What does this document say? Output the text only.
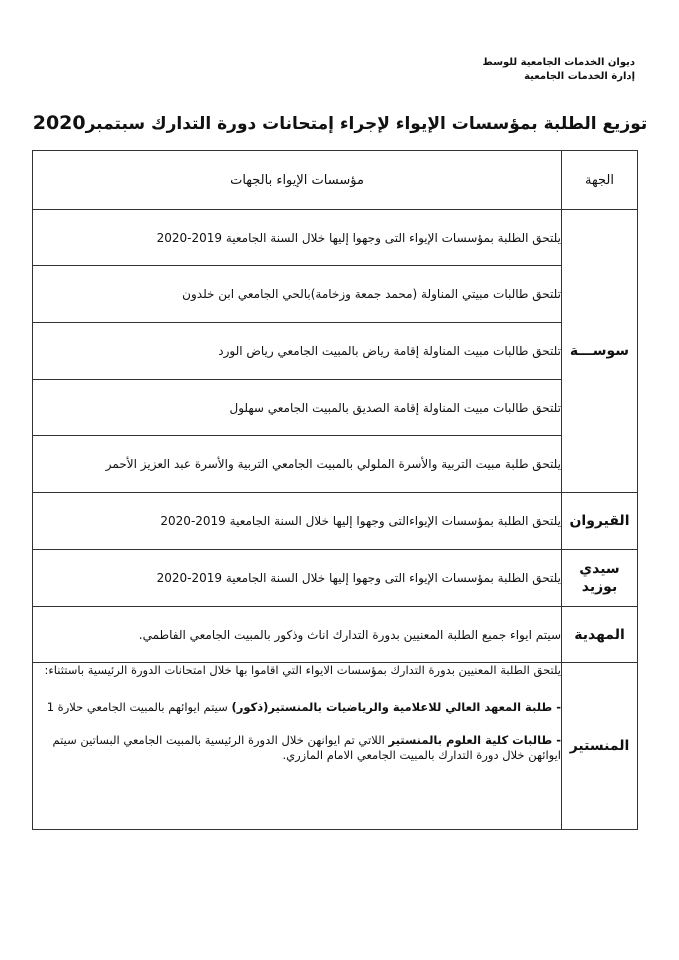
ديوان الخدمات الجامعية للوسط
إدارة الخدمات الجامعية
توزيع الطلبة بمؤسسات الإيواء لإجراء إمتحانات دورة التدارك سبتمبر2020
الجهة	مؤسسات الإيواء بالجهات
سوســـة	يلتحق الطلبة بمؤسسات الإيواء التى وجهوا إليها خلال السنة الجامعية 2019-2020
	تلتحق طالبات مبيتي المناولة (محمد جمعة وزخامة)بالحي الجامعي ابن خلدون
	تلتحق طالبات مبيت المناولة إقامة رياض بالمبيت الجامعي رياض الورد
	تلتحق طالبات مبيت المناولة إقامة الصديق بالمبيت الجامعي سهلول
	يلتحق طلبة مبيت التربية والأسرة الملولي بالمبيت الجامعي التربية والأسرة عبد العزيز الأحمر
القيروان	يلتحق الطلبة بمؤسسات الإيواءالتى وجهوا إليها خلال السنة الجامعية 2019-2020

سيدي
بوزيد	يلتحق الطلبة بمؤسسات الإيواء التى وجهوا إليها خلال السنة الجامعية 2019-2020
المهدية	سيتم ايواء جميع الطلبة المعنيين بدورة التدارك اناث وذكور بالمبيت الجامعي الفاطمي.
المنستير	يلتحق الطلبة المعنيين بدورة التدارك بمؤسسات الايواء التي اقاموا بها خلال امتحانات الدورة الرئيسية باستثناء:

- طلبة المعهد العالي للاعلامية والرياضيات بالمنستير(ذكور) سيتم ايوائهم بالمبيت الجامعي حلارة 1

- طالبات كلية العلوم بالمنستير اللاتي تم ايوانهن خلال الدورة الرئيسية بالمبيت الجامعي البساتين سيتم ايوائهن خلال دورة التدارك بالمبيت الجامعي الامام المازري.
